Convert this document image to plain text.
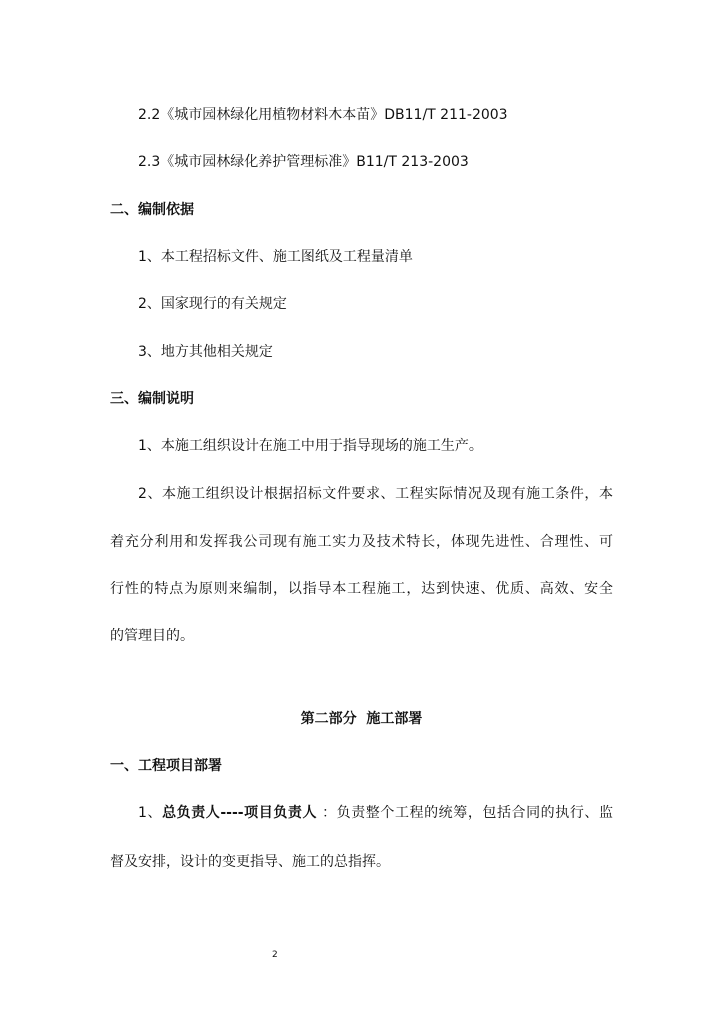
2.2《城市园林绿化用植物材料木本苗》DB11/T 211-2003
2.3《城市园林绿化养护管理标准》B11/T 213-2003
二、编制依据
1、本工程招标文件、施工图纸及工程量清单
2、国家现行的有关规定
3、地方其他相关规定
三、编制说明
1、本施工组织设计在施工中用于指导现场的施工生产。
2、本施工组织设计根据招标文件要求、工程实际情况及现有施工条件，本
着充分利用和发挥我公司现有施工实力及技术特长，体现先进性、合理性、可
行性的特点为原则来编制，以指导本工程施工，达到快速、优质、高效、安全
的管理目的。
第二部分  施工部署
一、工程项目部署
1、总负责人----项目负责人 ：负责整个工程的统筹，包括合同的执行、监
督及安排，设计的变更指导、施工的总指挥。
2
